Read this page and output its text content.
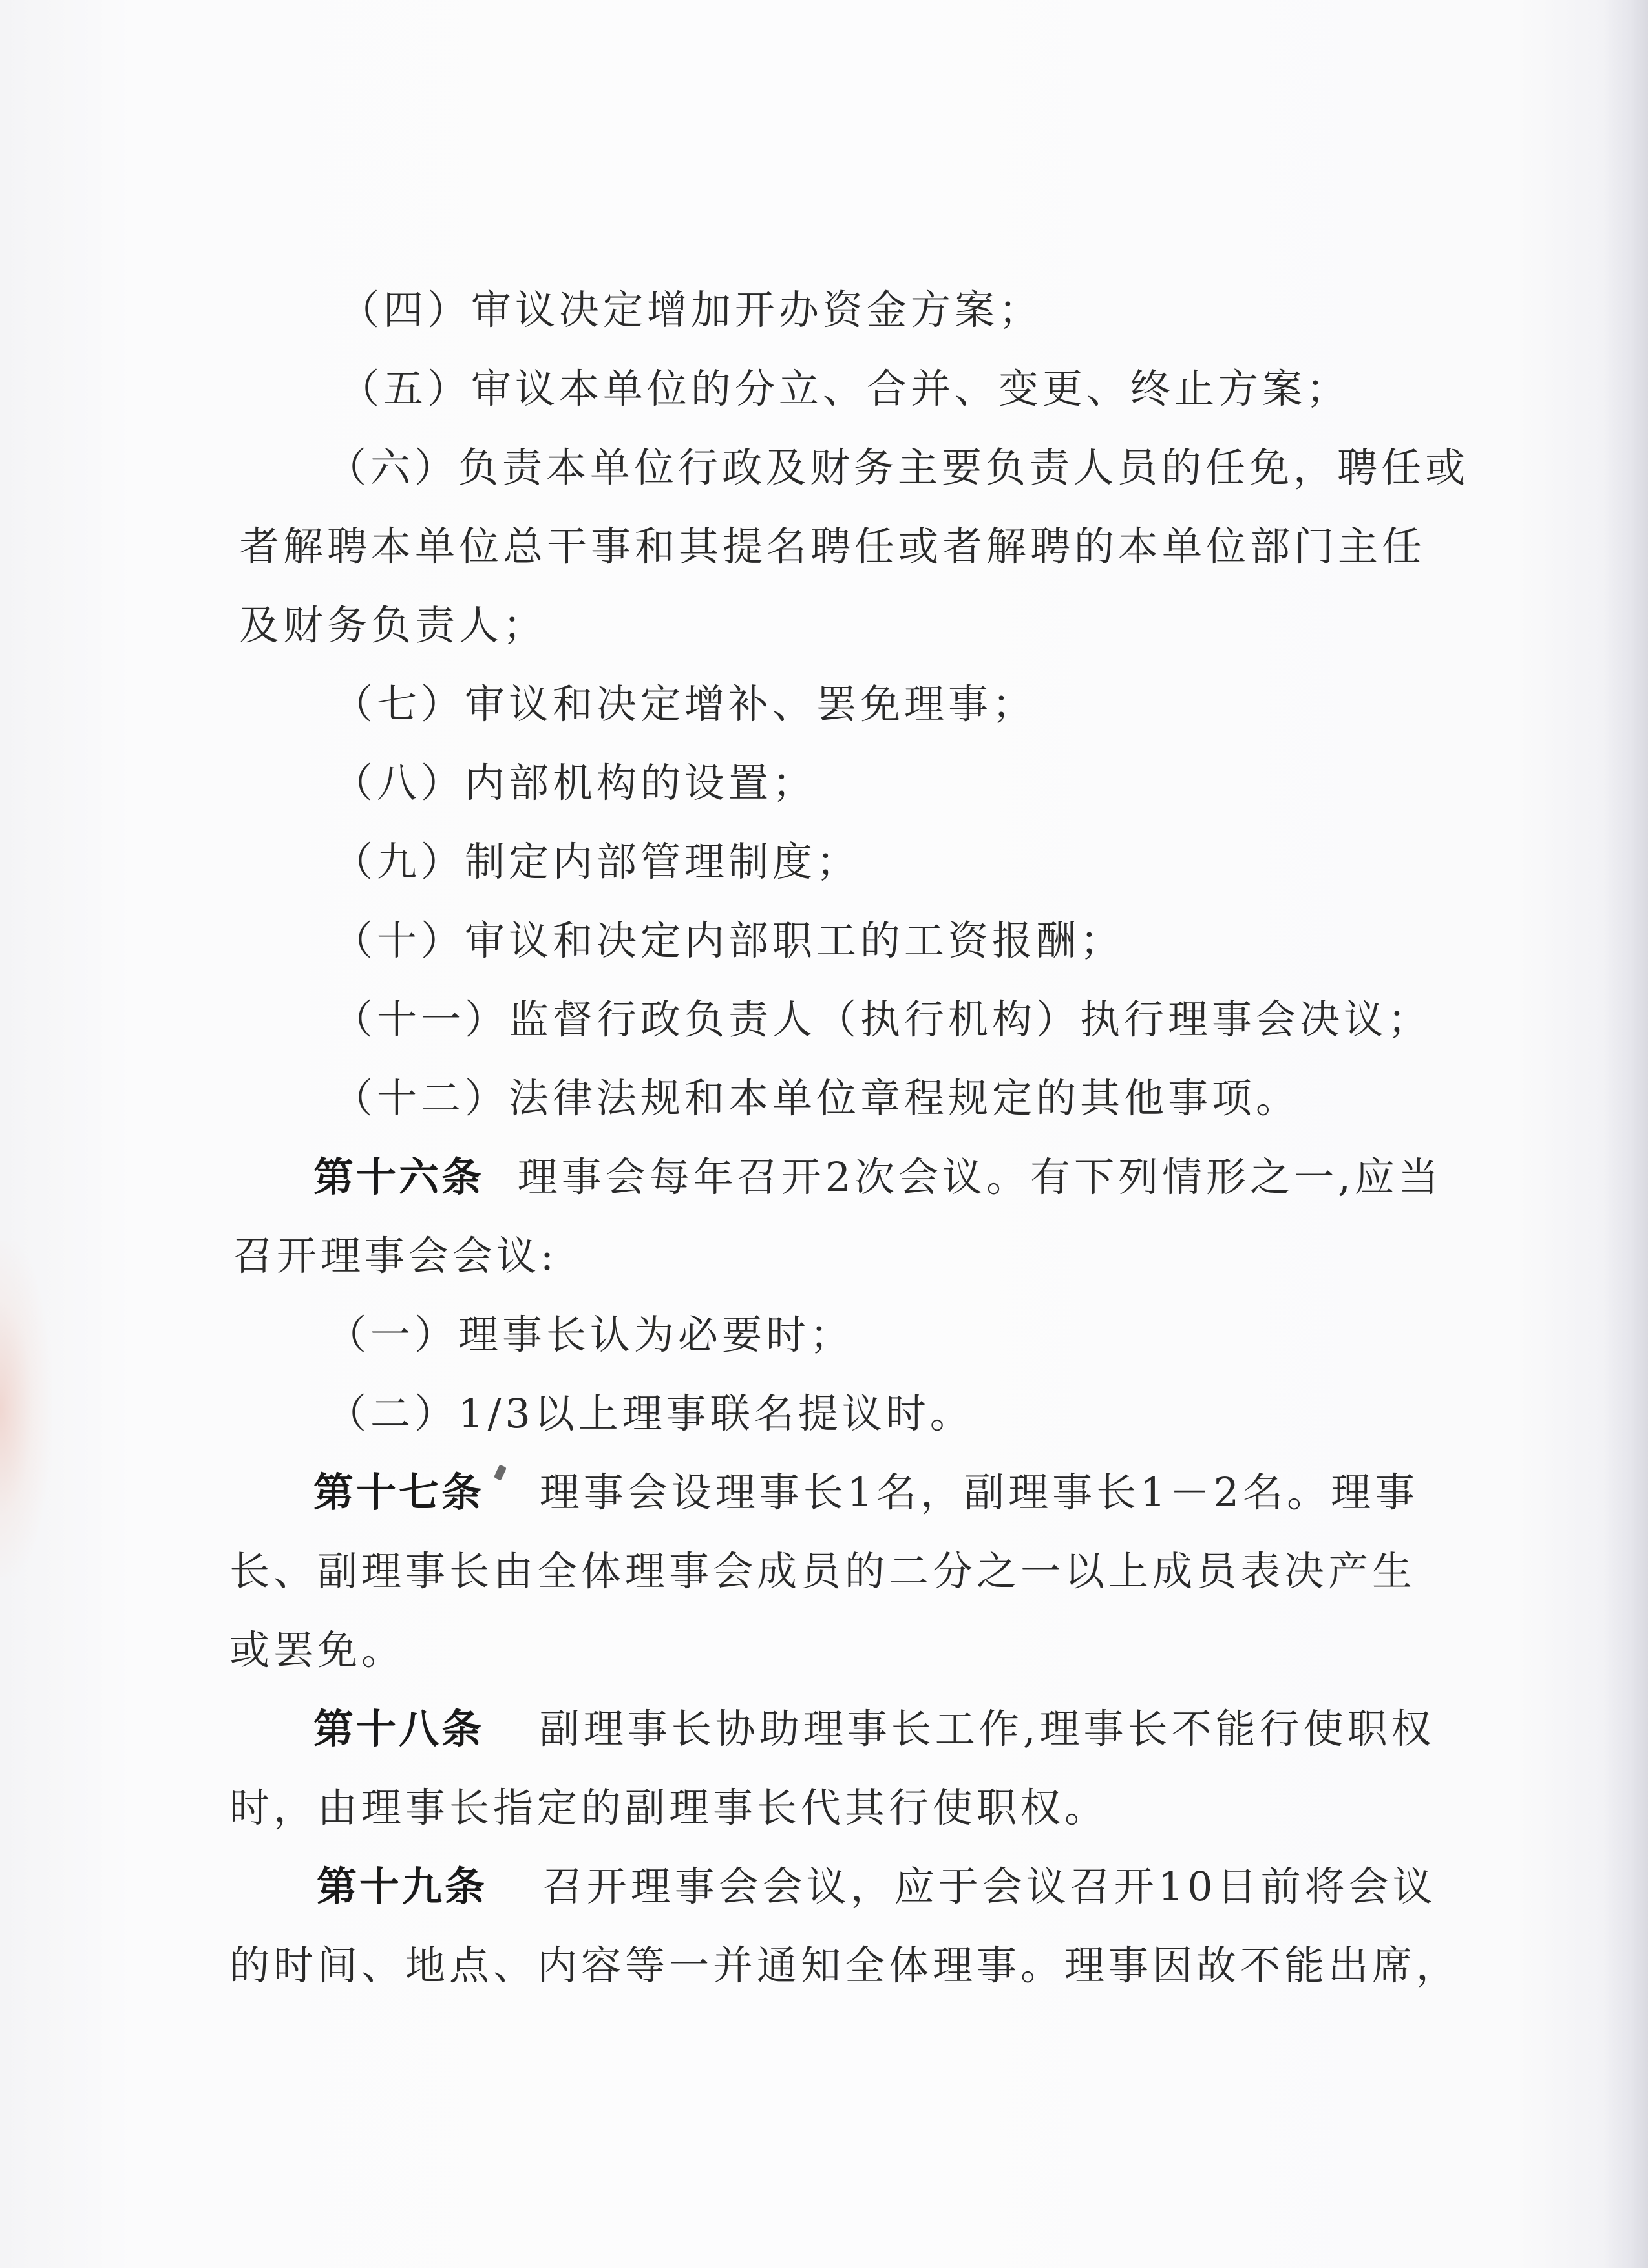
（四）审议决定增加开办资金方案；
（五）审议本单位的分立、合并、变更、终止方案；
（六）负责本单位行政及财务主要负责人员的任免，聘任或
者解聘本单位总干事和其提名聘任或者解聘的本单位部门主任
及财务负责人；
（七）审议和决定增补、罢免理事；
（八）内部机构的设置；
（九）制定内部管理制度；
（十）审议和决定内部职工的工资报酬；
（十一）监督行政负责人（执行机构）执行理事会决议；
（十二）法律法规和本单位章程规定的其他事项。
第十六条 理事会每年召开2次会议。有下列情形之一,应当
召开理事会会议:
（一）理事长认为必要时；
（二）1/3以上理事联名提议时。
第十七条 理事会设理事长1名，副理事长1－2名。理事
长、副理事长由全体理事会成员的二分之一以上成员表决产生
或罢免。
第十八条 副理事长协助理事长工作,理事长不能行使职权
时，由理事长指定的副理事长代其行使职权。
第十九条 召开理事会会议，应于会议召开10日前将会议
的时间、地点、内容等一并通知全体理事。理事因故不能出席，
